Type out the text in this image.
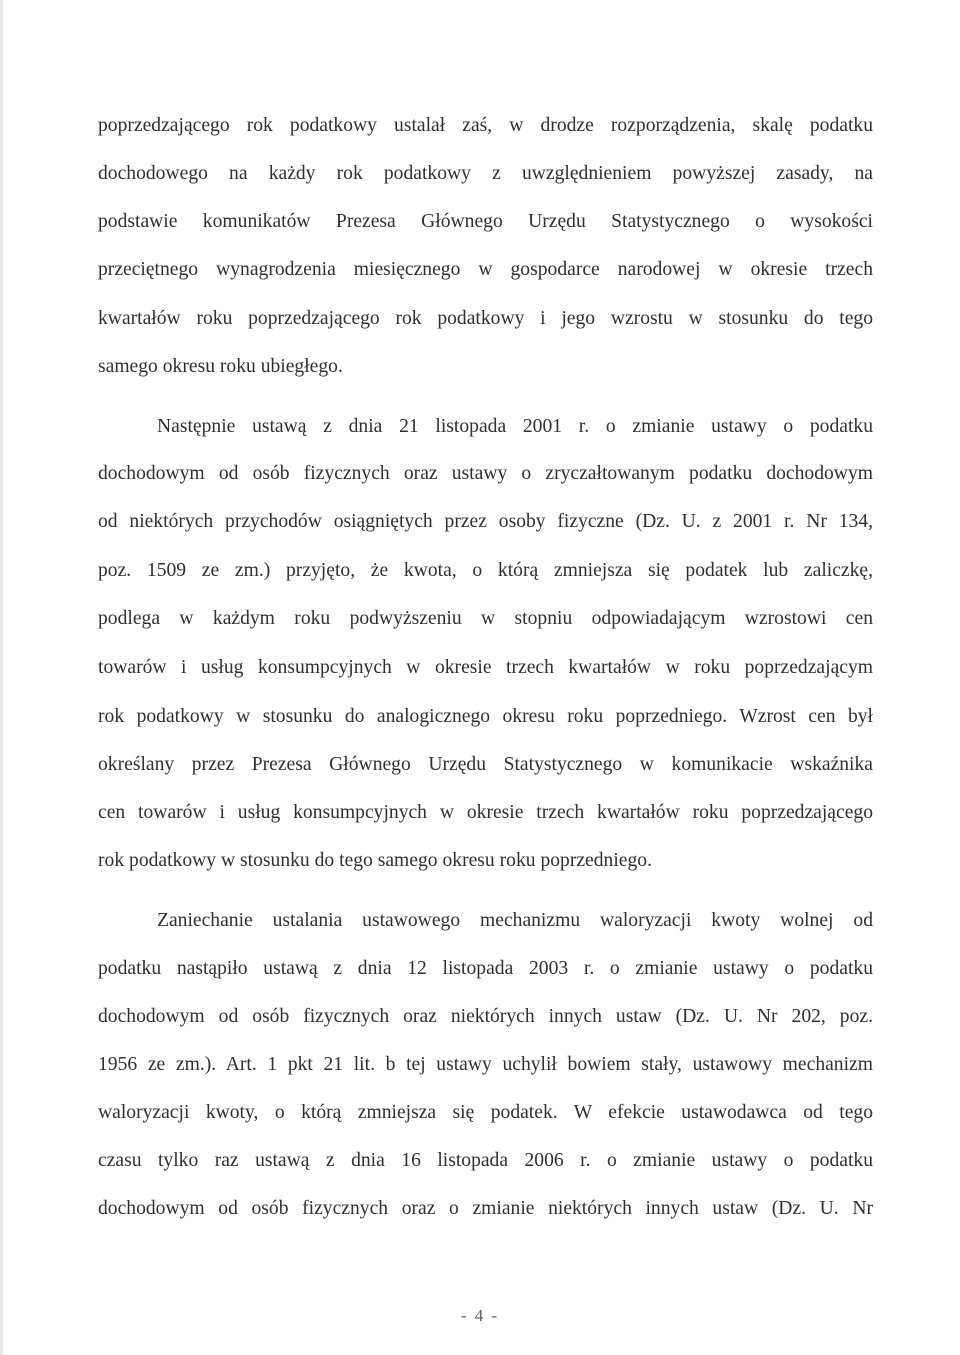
poprzedzającego rok podatkowy ustalał zaś, w drodze rozporządzenia, skalę podatku
dochodowego na każdy rok podatkowy z uwzględnieniem powyższej zasady, na
podstawie komunikatów Prezesa Głównego Urzędu Statystycznego o wysokości
przeciętnego wynagrodzenia miesięcznego w gospodarce narodowej w okresie trzech
kwartałów roku poprzedzającego rok podatkowy i jego wzrostu w stosunku do tego
samego okresu roku ubiegłego.
Następnie ustawą z dnia 21 listopada 2001 r. o zmianie ustawy o podatku
dochodowym od osób fizycznych oraz ustawy o zryczałtowanym podatku dochodowym
od niektórych przychodów osiągniętych przez osoby fizyczne (Dz. U. z 2001 r. Nr 134,
poz. 1509 ze zm.) przyjęto, że kwota, o którą zmniejsza się podatek lub zaliczkę,
podlega w każdym roku podwyższeniu w stopniu odpowiadającym wzrostowi cen
towarów i usług konsumpcyjnych w okresie trzech kwartałów w roku poprzedzającym
rok podatkowy w stosunku do analogicznego okresu roku poprzedniego. Wzrost cen był
określany przez Prezesa Głównego Urzędu Statystycznego w komunikacie wskaźnika
cen towarów i usług konsumpcyjnych w okresie trzech kwartałów roku poprzedzającego
rok podatkowy w stosunku do tego samego okresu roku poprzedniego.
Zaniechanie ustalania ustawowego mechanizmu waloryzacji kwoty wolnej od
podatku nastąpiło ustawą z dnia 12 listopada 2003 r. o zmianie ustawy o podatku
dochodowym od osób fizycznych oraz niektórych innych ustaw (Dz. U. Nr 202, poz.
1956 ze zm.). Art. 1 pkt 21 lit. b tej ustawy uchylił bowiem stały, ustawowy mechanizm
waloryzacji kwoty, o którą zmniejsza się podatek. W efekcie ustawodawca od tego
czasu tylko raz ustawą z dnia 16 listopada 2006 r. o zmianie ustawy o podatku
dochodowym od osób fizycznych oraz o zmianie niektórych innych ustaw (Dz. U. Nr
- 4 -
